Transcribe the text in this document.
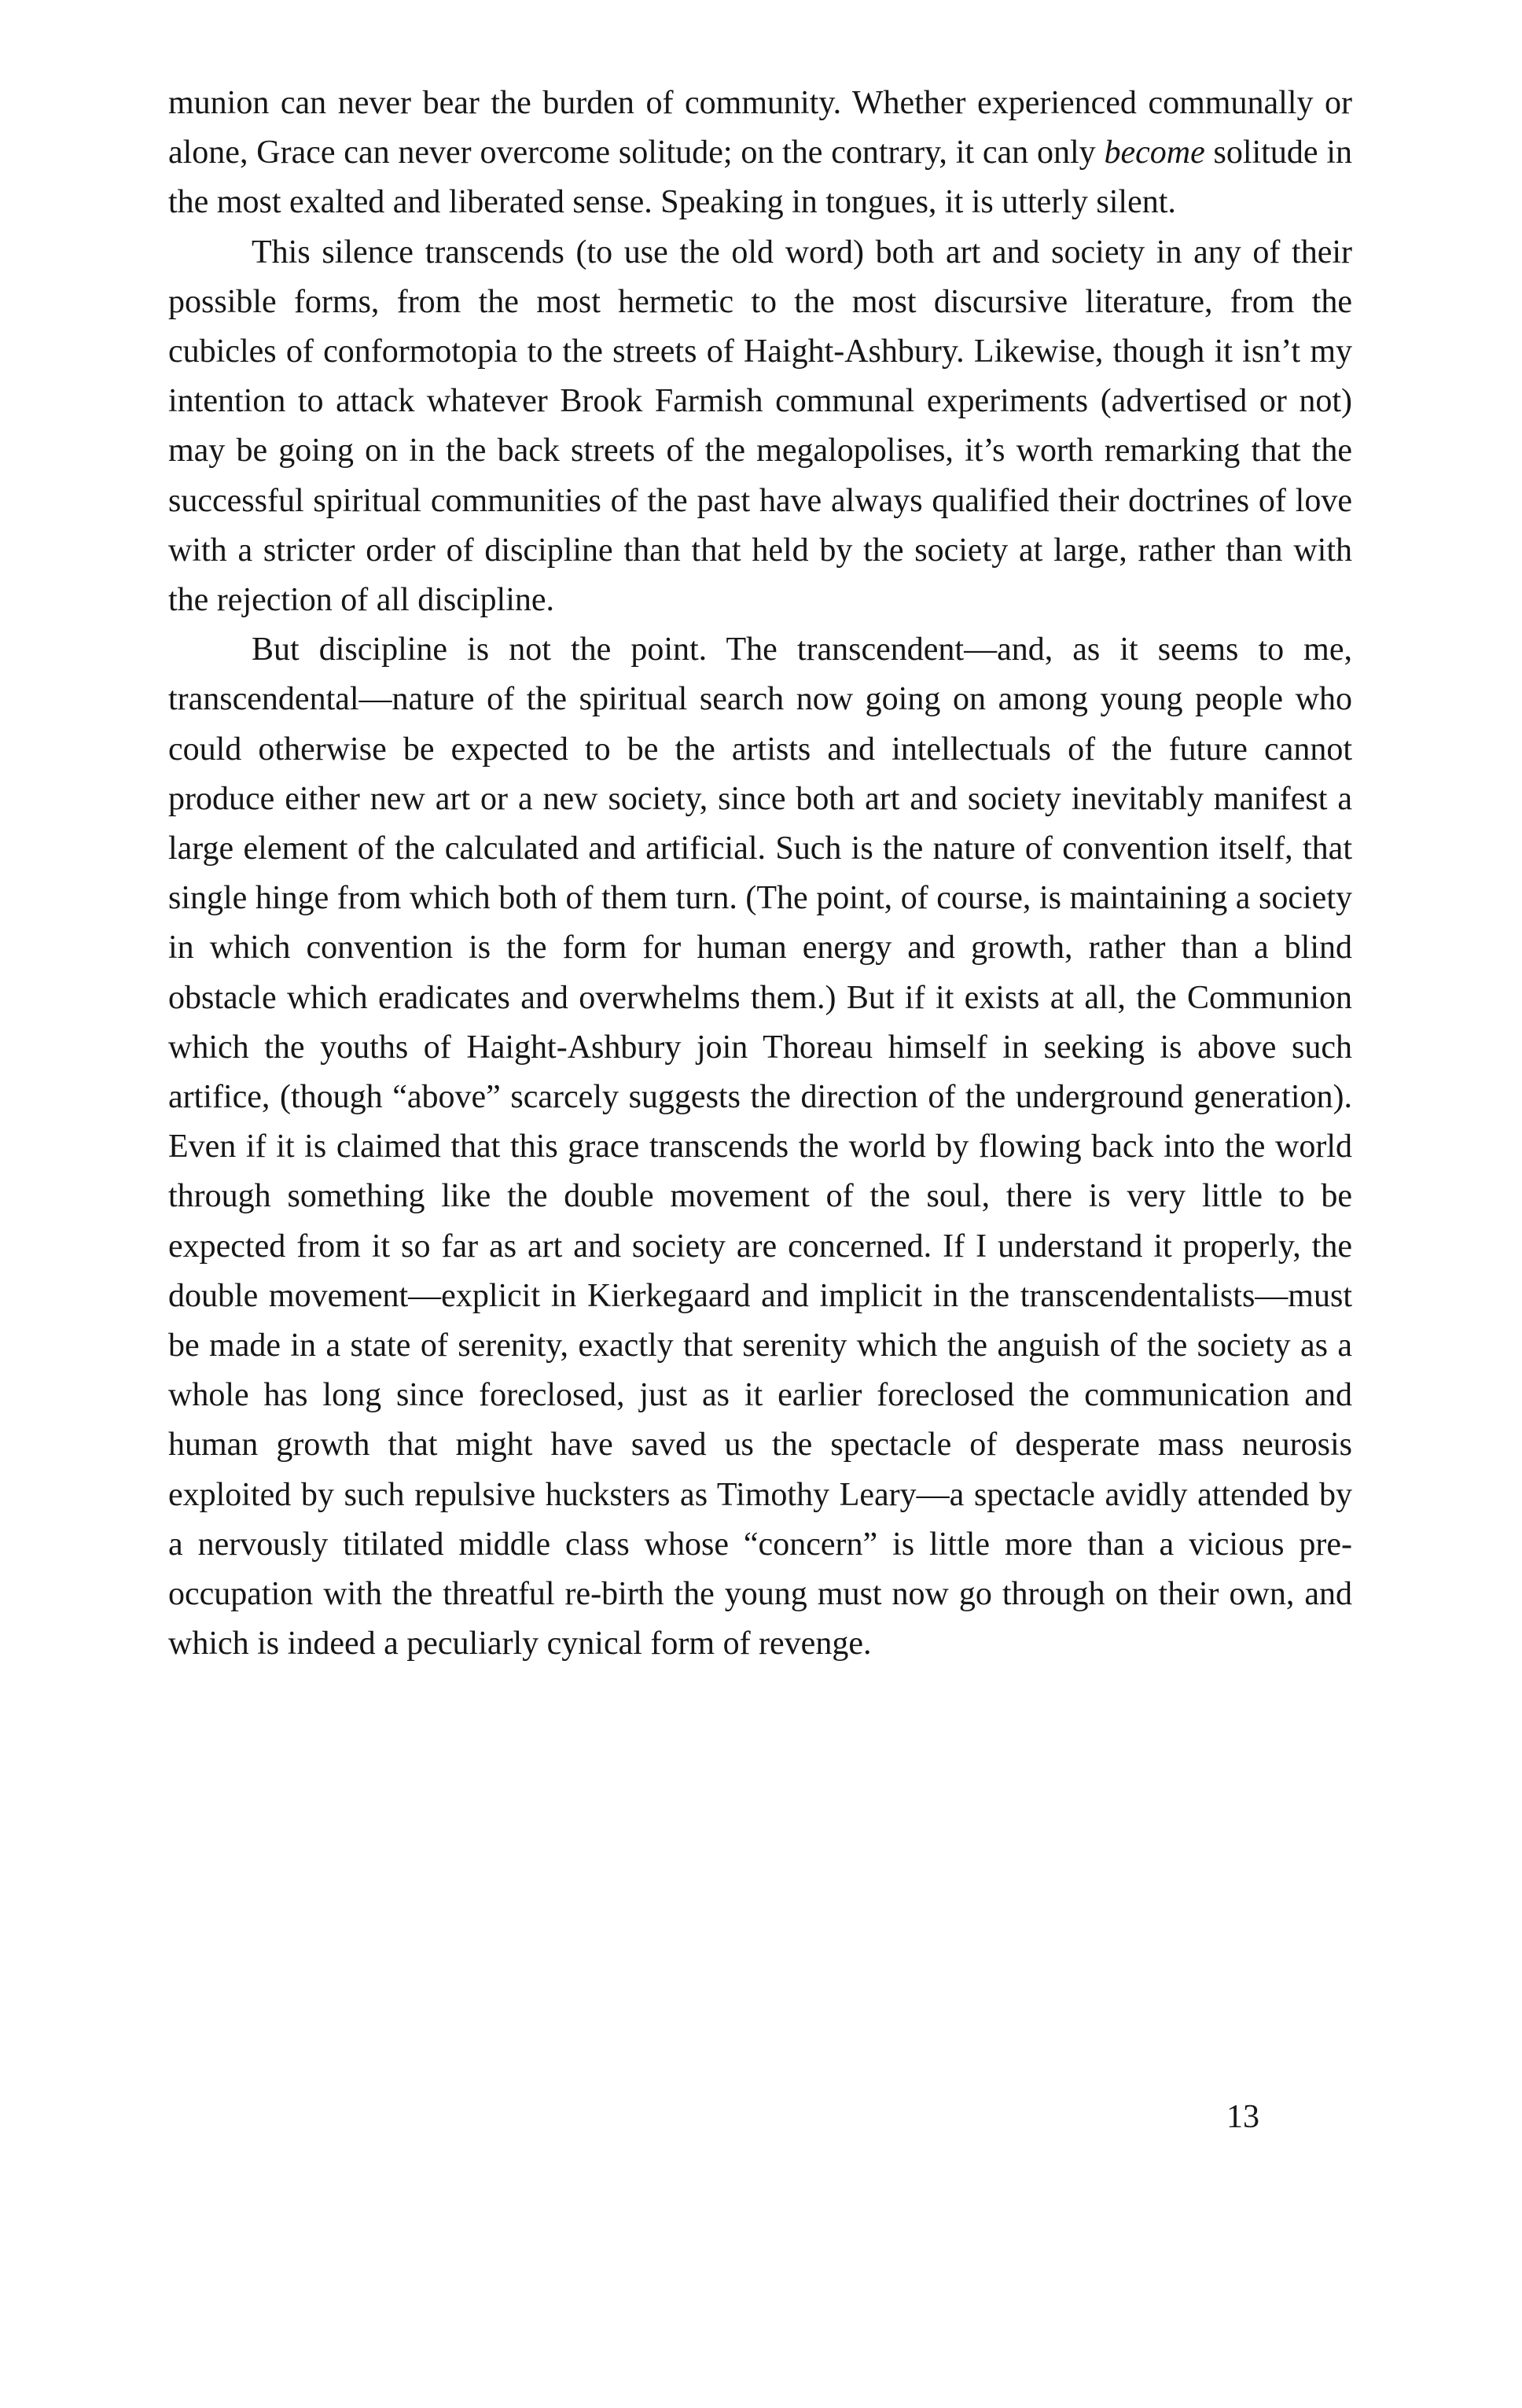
munion can never bear the burden of community. Whether experienced communally or alone, Grace can never overcome solitude; on the contrary, it can only become solitude in the most exalted and liberated sense. Speaking in tongues, it is utterly silent.

This silence transcends (to use the old word) both art and society in any of their possible forms, from the most hermetic to the most discursive literature, from the cubicles of conformotopia to the streets of Haight-Ashbury. Likewise, though it isn’t my intention to attack whatever Brook Farmish communal experiments (advertised or not) may be going on in the back streets of the megalopolises, it’s worth remarking that the successful spiritual communities of the past have always qualified their doctrines of love with a stricter order of discipline than that held by the society at large, rather than with the rejection of all discipline.

But discipline is not the point. The transcendent—and, as it seems to me, transcendental—nature of the spiritual search now going on among young people who could otherwise be expected to be the artists and intellectuals of the future cannot produce either new art or a new society, since both art and society inevitably manifest a large element of the calculated and artificial. Such is the nature of convention itself, that single hinge from which both of them turn. (The point, of course, is maintaining a society in which convention is the form for human energy and growth, rather than a blind obstacle which eradicates and overwhelms them.) But if it exists at all, the Communion which the youths of Haight-Ashbury join Thoreau himself in seeking is above such artifice, (though “above” scarcely suggests the direction of the underground generation). Even if it is claimed that this grace transcends the world by flowing back into the world through something like the double movement of the soul, there is very little to be expected from it so far as art and society are concerned. If I understand it properly, the double movement—explicit in Kierkegaard and implicit in the transcendentalists—must be made in a state of serenity, exactly that serenity which the anguish of the society as a whole has long since foreclosed, just as it earlier foreclosed the communication and human growth that might have saved us the spectacle of desperate mass neurosis exploited by such repulsive hucksters as Timothy Leary—a spectacle avidly attended by a nervously titilated middle class whose “concern” is little more than a vicious pre-occupation with the threatful re-birth the young must now go through on their own, and which is indeed a peculiarly cynical form of revenge.

13
